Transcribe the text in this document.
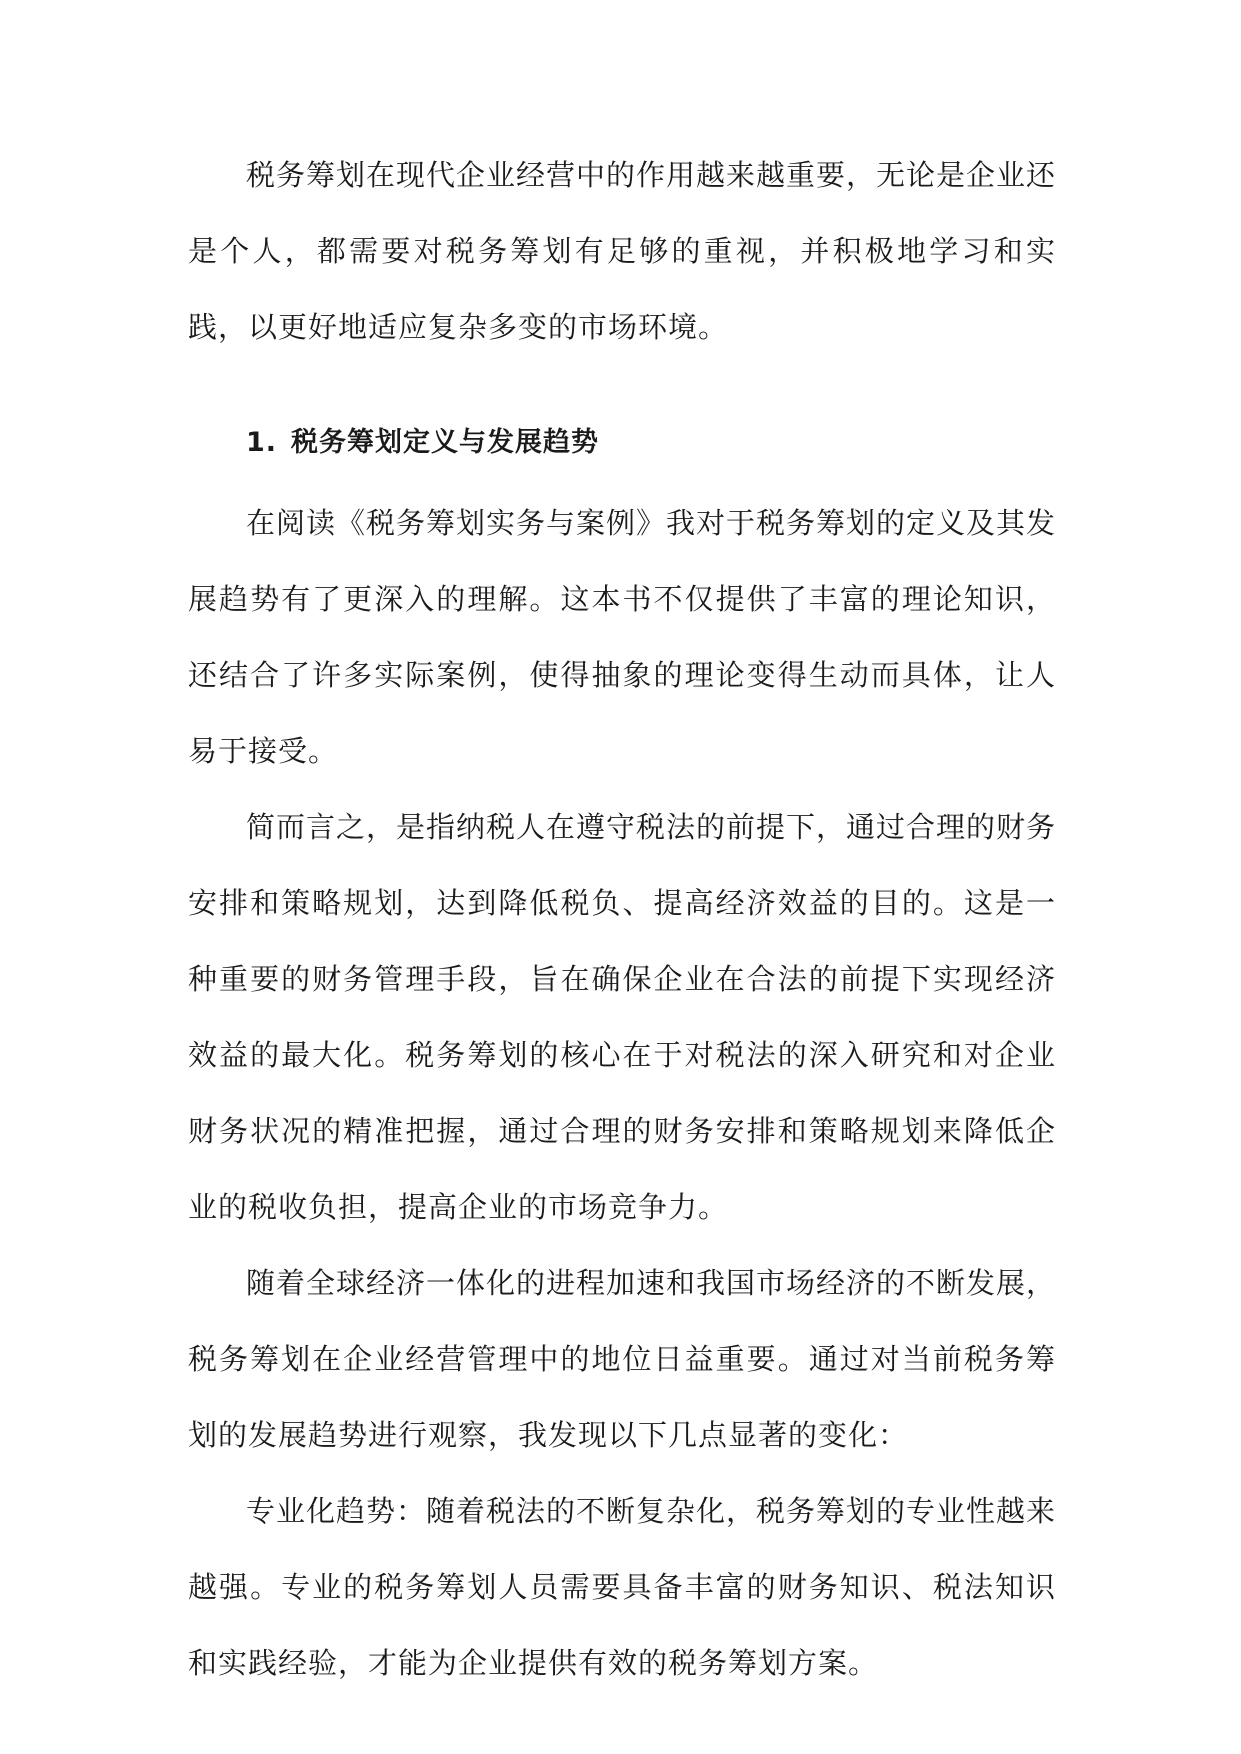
税务筹划在现代企业经营中的作用越来越重要，无论是企业还是个人，都需要对税务筹划有足够的重视，并积极地学习和实践，以更好地适应复杂多变的市场环境。

1. 税务筹划定义与发展趋势

在阅读《税务筹划实务与案例》我对于税务筹划的定义及其发展趋势有了更深入的理解。这本书不仅提供了丰富的理论知识，还结合了许多实际案例，使得抽象的理论变得生动而具体，让人易于接受。

简而言之，是指纳税人在遵守税法的前提下，通过合理的财务安排和策略规划，达到降低税负、提高经济效益的目的。这是一种重要的财务管理手段，旨在确保企业在合法的前提下实现经济效益的最大化。税务筹划的核心在于对税法的深入研究和对企业财务状况的精准把握，通过合理的财务安排和策略规划来降低企业的税收负担，提高企业的市场竞争力。

随着全球经济一体化的进程加速和我国市场经济的不断发展，税务筹划在企业经营管理中的地位日益重要。通过对当前税务筹划的发展趋势进行观察，我发现以下几点显著的变化：

专业化趋势：随着税法的不断复杂化，税务筹划的专业性越来越强。专业的税务筹划人员需要具备丰富的财务知识、税法知识和实践经验，才能为企业提供有效的税务筹划方案。
